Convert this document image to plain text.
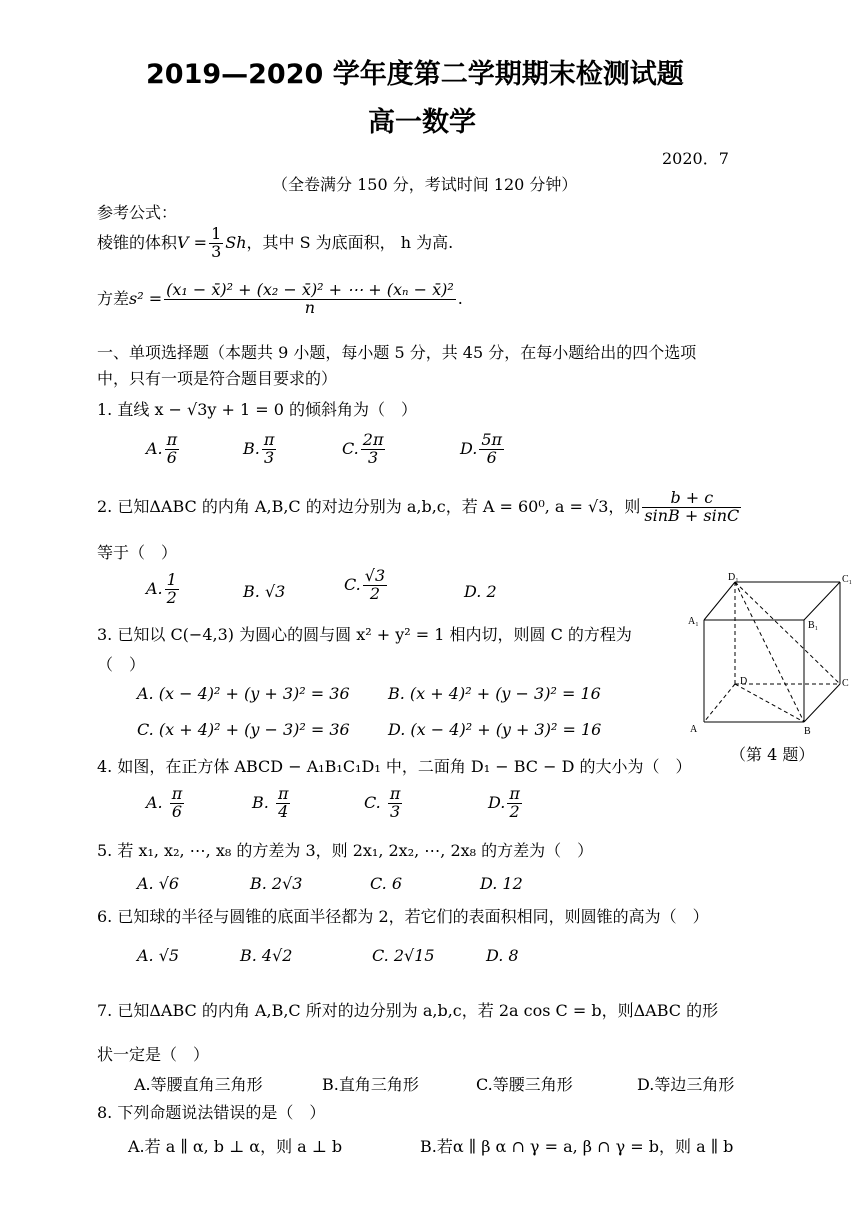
2019—2020 学年度第二学期期末检测试题
高一数学
2020．7
（全卷满分 150 分，考试时间 120 分钟）
参考公式：
棱锥的体积$V = \frac{1}{3}$ Sh，其中 S 为底面积， h 为高.
方差$s^2 = \frac{\text{(x₁ − x̄)² + (x₂ − x̄)² + ⋯ + (xₙ − x̄)²}}{n}$ .
一、单项选择题（本题共 9 小题，每小题 5 分，共 45 分，在每小题给出的四个选项
中，只有一项是符合题目要求的）
1. 直线 x − √3y + 1 = 0 的倾斜角为（　）
A. $\frac{\pi}{6}$	B. $\frac{\pi}{3}$	C. $\frac{2\pi}{3}$	D. $\frac{5\pi}{6}$
2. 已知ΔABC 的内角 A,B,C 的对边分别为 a,b,c，若 A = 60⁰, a = √3，则 $\frac{b + c}{\sin B + \sin C}$
等于（　）
A. $\frac{1}{2}$	B. √3	C. $\frac{√3}{2}$	D. 2
3. 已知以 C(−4,3) 为圆心的圆与圆 x² + y² = 1 相内切，则圆 C 的方程为
（　）
A. (x − 4)² + (y + 3)² = 36 B. (x + 4)² + (y − 3)² = 16
C. (x + 4)² + (y − 3)² = 36 D. (x − 4)² + (y + 3)² = 16
D₁	C₁
A₁	B₁
D	C
A	B
（第 4 题）
4. 如图，在正方体 ABCD − A₁B₁C₁D₁ 中，二面角 D₁ − BC − D 的大小为（　）
A. $\frac{\pi}{6}$	B. $\frac{\pi}{4}$	C. $\frac{\pi}{3}$	D. $\frac{\pi}{2}$
5. 若 x₁, x₂, ⋯, x₈ 的方差为 3，则 2x₁, 2x₂, ⋯, 2x₈ 的方差为（　）
A. √6	B. 2√3	C. 6	D. 12
6. 已知球的半径与圆锥的底面半径都为 2，若它们的表面积相同，则圆锥的高为（　）
A. √5	B. 4√2	C. 2√15	D. 8
7. 已知ΔABC 的内角 A,B,C 所对的边分别为 a,b,c，若 2a cos C = b，则ΔABC 的形
状一定是（　）
A.等腰直角三角形	B.直角三角形	C.等腰三角形	D.等边三角形
8. 下列命题说法错误的是（　）
A.若 a ∥ α, b ⊥ α，则 a ⊥ b	B.若α ∥ β α ∩ γ = a, β ∩ γ = b，则 a ∥ b
